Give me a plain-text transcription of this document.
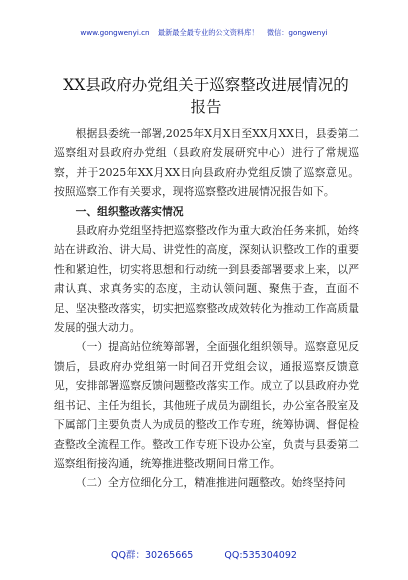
www.gongwenyi.cn 最新最全最专业的公文资料库！ 微信：gongwenyi
XX县政府办党组关于巡察整改进展情况的报告

根据县委统一部署,2025年X月X日至XX月XX日，县委第二巡察组对县政府办党组（县政府发展研究中心）进行了常规巡察，并于2025年XX月XX日向县政府办党组反馈了巡察意见。按照巡察工作有关要求，现将巡察整改进展情况报告如下。

一、组织整改落实情况

县政府办党组坚持把巡察整改作为重大政治任务来抓，始终站在讲政治、讲大局、讲党性的高度，深刻认识整改工作的重要性和紧迫性，切实将思想和行动统一到县委部署要求上来，以严肃认真、求真务实的态度，主动认领问题、聚焦于查，直面不足、坚决整改落实，切实把巡察整改成效转化为推动工作高质量发展的强大动力。

（一）提高站位统筹部署，全面强化组织领导。巡察意见反馈后，县政府办党组第一时间召开党组会议，通报巡察反馈意见，安排部署巡察反馈问题整改落实工作。成立了以县政府办党组书记、主任为组长，其他班子成员为副组长，办公室各股室及下属部门主要负责人为成员的整改工作专班，统筹协调、督促检查整改全流程工作。整改工作专班下设办公室，负责与县委第二巡察组衔接沟通，统筹推进整改期间日常工作。

（二）全方位细化分工，精准推进问题整改。始终坚持问

QQ群：30265665	QQ:535304092
